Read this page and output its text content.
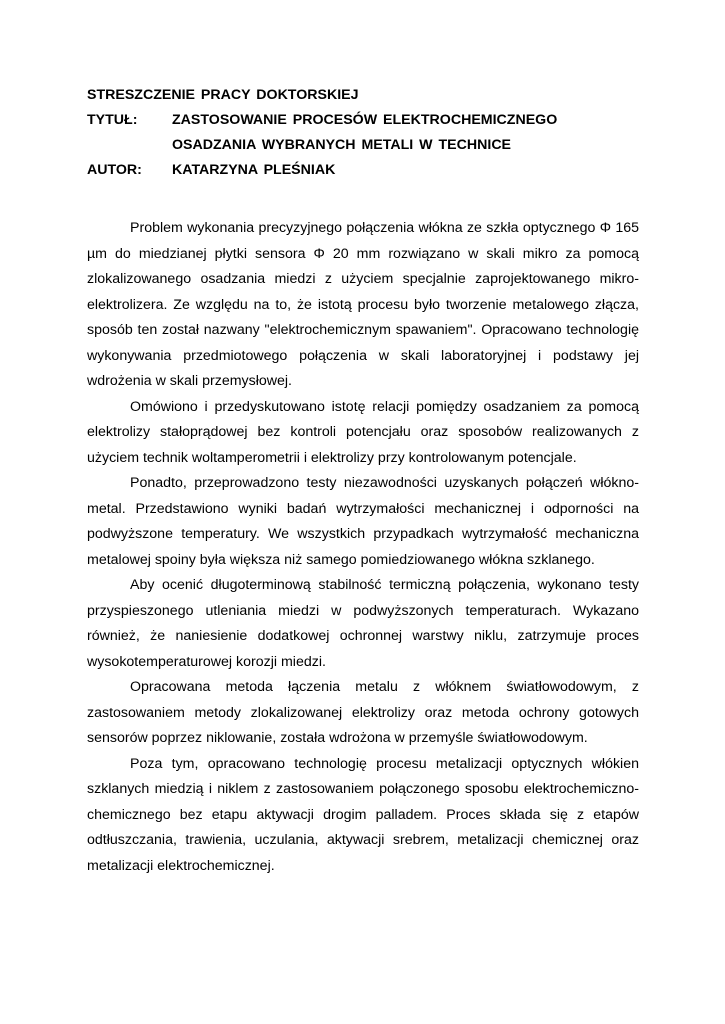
STRESZCZENIE PRACY DOKTORSKIEJ
TYTUŁ: ZASTOSOWANIE PROCESÓW ELEKTROCHEMICZNEGO
OSADZANIA WYBRANYCH METALI W TECHNICE
AUTOR: KATARZYNA PLEŚNIAK

Problem wykonania precyzyjnego połączenia włókna ze szkła optycznego Φ 165 µm do miedzianej płytki sensora Φ 20 mm rozwiązano w skali mikro za pomocą zlokalizowanego osadzania miedzi z użyciem specjalnie zaprojektowanego mikro-elektrolizera. Ze względu na to, że istotą procesu było tworzenie metalowego złącza, sposób ten został nazwany "elektrochemicznym spawaniem". Opracowano technologię wykonywania przedmiotowego połączenia w skali laboratoryjnej i podstawy jej wdrożenia w skali przemysłowej.

Omówiono i przedyskutowano istotę relacji pomiędzy osadzaniem za pomocą elektrolizy stałoprądowej bez kontroli potencjału oraz sposobów realizowanych z użyciem technik woltamperometrii i elektrolizy przy kontrolowanym potencjale.

Ponadto, przeprowadzono testy niezawodności uzyskanych połączeń włókno-metal. Przedstawiono wyniki badań wytrzymałości mechanicznej i odporności na podwyższone temperatury. We wszystkich przypadkach wytrzymałość mechaniczna metalowej spoiny była większa niż samego pomiedziowanego włókna szklanego.

Aby ocenić długoterminową stabilność termiczną połączenia, wykonano testy przyspieszonego utleniania miedzi w podwyższonych temperaturach. Wykazano również, że naniesienie dodatkowej ochronnej warstwy niklu, zatrzymuje proces wysokotemperaturowej korozji miedzi.

Opracowana metoda łączenia metalu z włóknem światłowodowym, z zastosowaniem metody zlokalizowanej elektrolizy oraz metoda ochrony gotowych sensorów poprzez niklowanie, została wdrożona w przemyśle światłowodowym.

Poza tym, opracowano technologię procesu metalizacji optycznych włókien szklanych miedzią i niklem z zastosowaniem połączonego sposobu elektrochemiczno- chemicznego bez etapu aktywacji drogim palladem. Proces składa się z etapów odtłuszczania, trawienia, uczulania, aktywacji srebrem, metalizacji chemicznej oraz metalizacji elektrochemicznej.
